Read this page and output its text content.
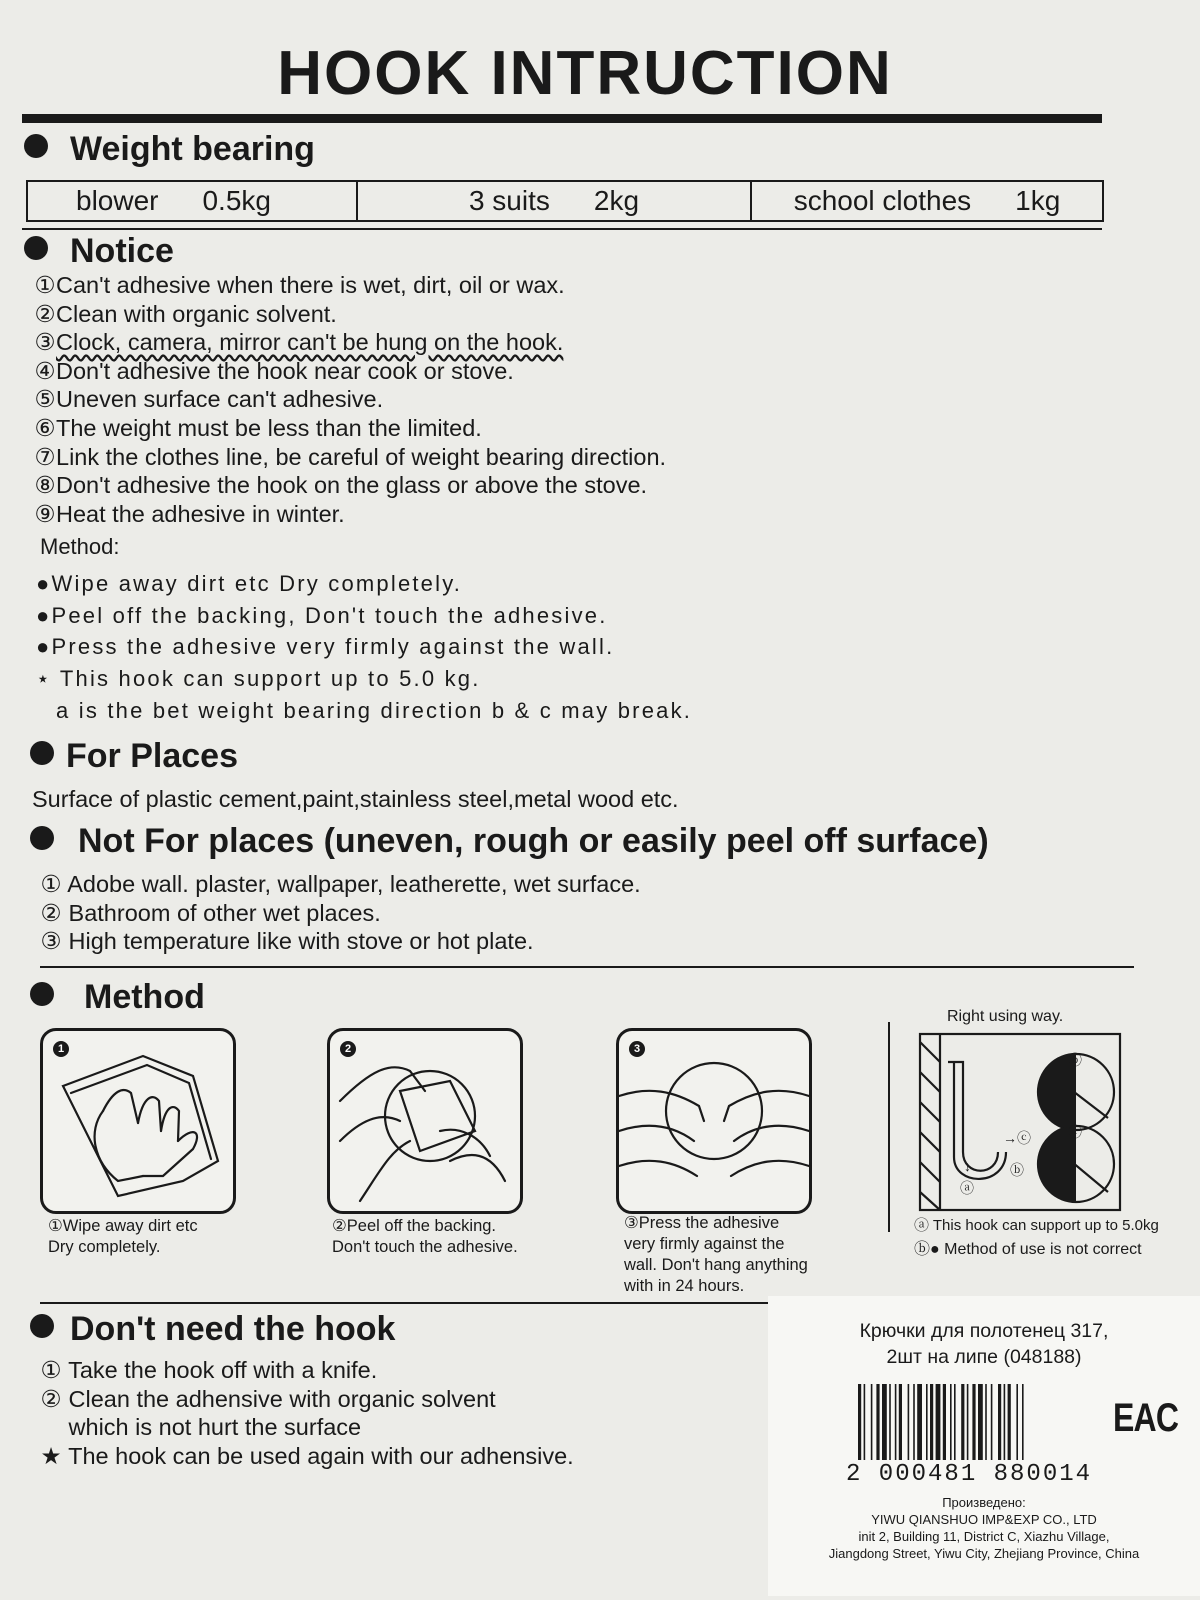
HOOK INTRUCTION
Weight bearing
blower 0.5kg	3 suits 2kg	school clothes 1kg
Notice
①Can't adhesive when there is wet, dirt, oil or wax.
②Clean with organic solvent.
③Clock, camera, mirror can't be hung on the hook.
④Don't adhesive the hook near cook or stove.
⑤Uneven surface can't adhesive.
⑥The weight must be less than the limited.
⑦Link the clothes line, be careful of weight bearing direction.
⑧Don't adhesive the hook on the glass or above the stove.
⑨Heat the adhesive in winter.
Method:
●Wipe away dirt etc Dry completely.
●Peel off the backing, Don't touch the adhesive.
●Press the adhesive very firmly against the wall.
⋆ This hook can support up to 5.0 kg.
a is the bet weight bearing direction b & c may break.
For Places
Surface of plastic cement,paint,stainless steel,metal wood etc.
Not For places (uneven, rough or easily peel off surface)
① Adobe wall. plaster, wallpaper, leatherette, wet surface.
② Bathroom of other wet places.
③ High temperature like with stove or hot plate.
Method
1
①Wipe away dirt etc
Dry completely.
2
②Peel off the backing.
Don't touch the adhesive.
3
③Press the adhesive
very firmly against the
wall. Don't hang anything
with in 24 hours.
Right using way.
ⓑ
ⓒ
→ⓒ
ⓑ
↓
ⓐ
ⓐ This hook can support up to 5.0kg
ⓑ● Method of use is not correct
Don't need the hook
① Take the hook off with a knife.
② Clean the adhensive with organic solvent
which is not hurt the surface
★ The hook can be used again with our adhensive.
Крючки для полотенец 317,
2шт на липе (048188)
2 000481 880014
EAC
Произведено:
YIWU QIANSHUO IMP&EXP CO., LTD
init 2, Building 11, District C, Xiazhu Village,
Jiangdong Street, Yiwu City, Zhejiang Province, China
